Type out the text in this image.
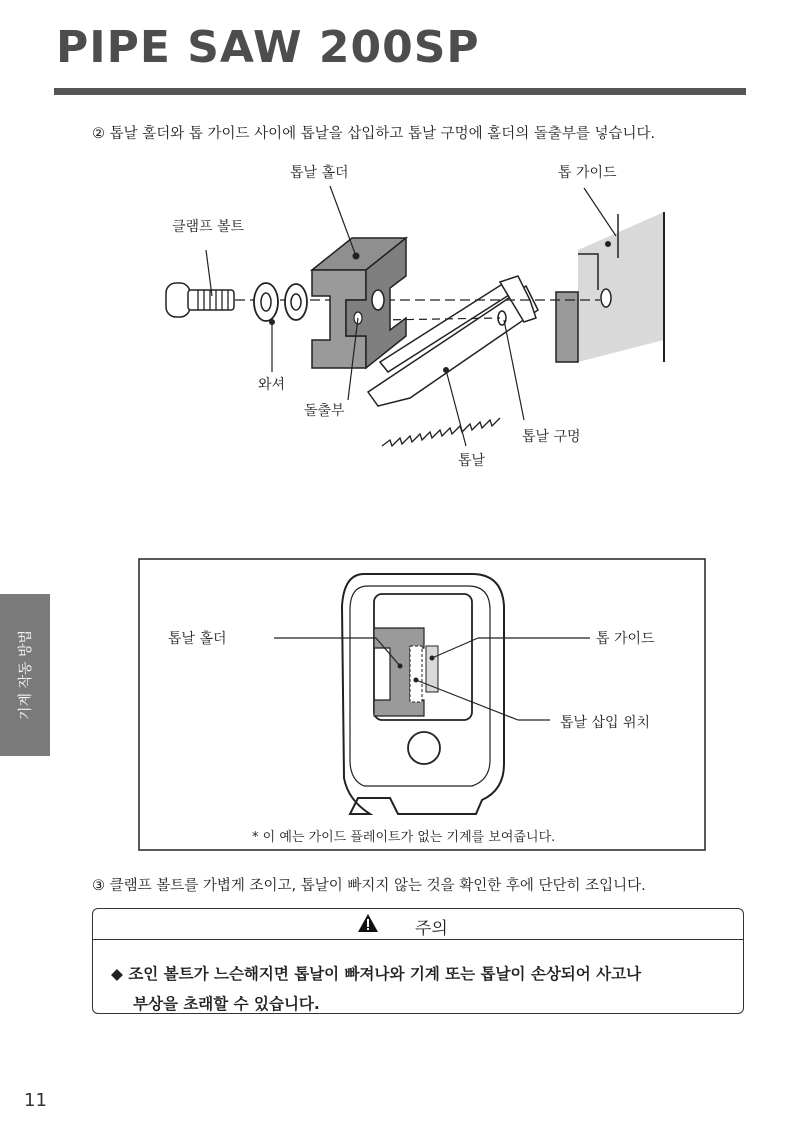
PIPE SAW 200SP
② 톱날 홀더와 톱 가이드 사이에 톱날을 삽입하고 톱날 구멍에 홀더의 돌출부를 넣습니다.
톱날 홀더	톱 가이드
클램프 볼트
와셔
돌출부
톱날 구멍
톱날
톱날 홀더	톱 가이드
톱날 삽입 위치
* 이 예는 가이드 플레이트가 없는 기계를 보여줍니다.
③ 클램프 볼트를 가볍게 조이고, 톱날이 빠지지 않는 것을 확인한 후에 단단히 조입니다.
주의
◆ 조인 볼트가 느슨해지면 톱날이 빠져나와 기계 또는 톱날이 손상되어 사고나
부상을 초래할 수 있습니다.
기계 작동 방법
11
